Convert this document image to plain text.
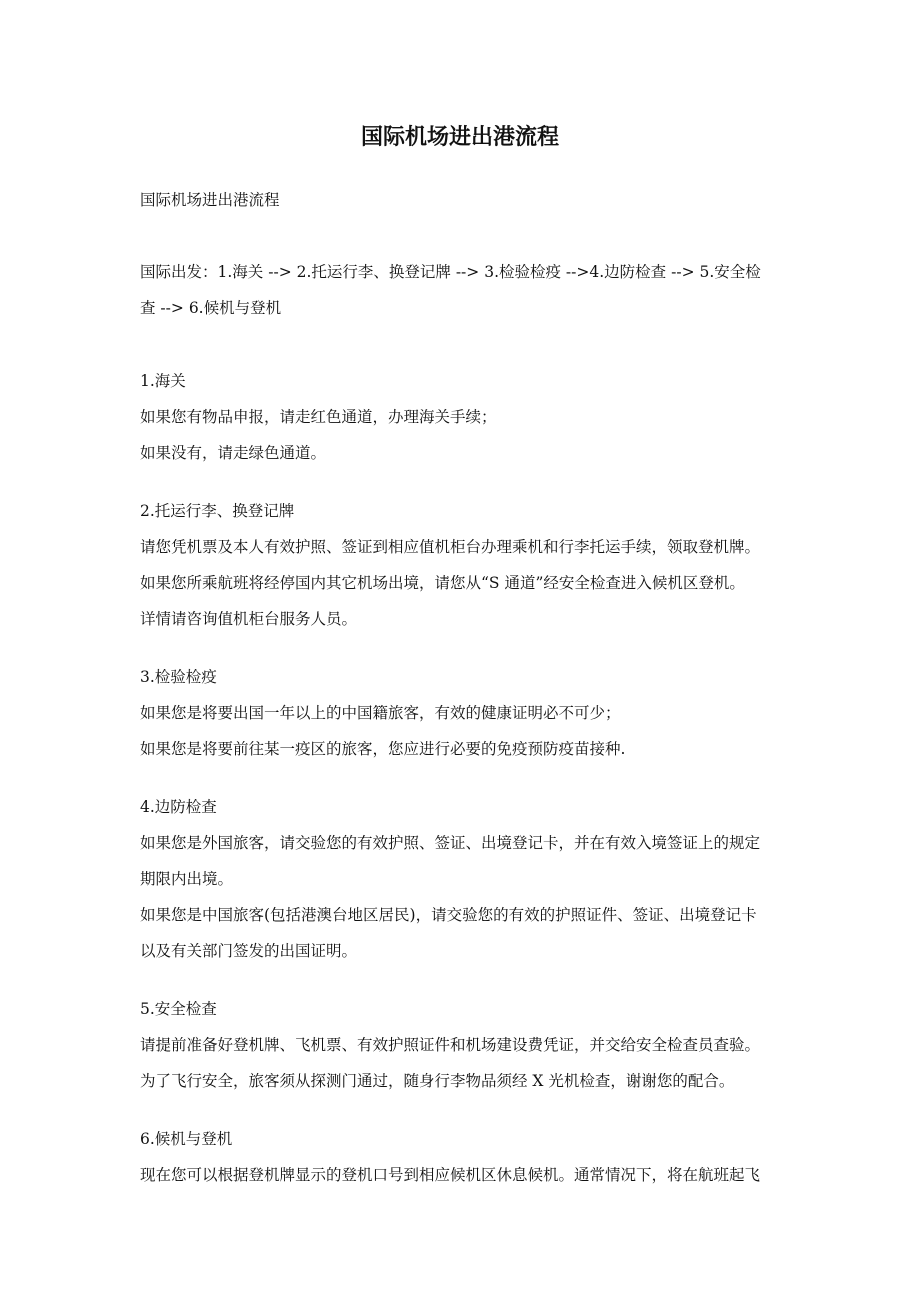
国际机场进出港流程
国际机场进出港流程
国际出发：1.海关 --> 2.托运行李、换登记牌 --> 3.检验检疫 -->4.边防检查 --> 5.安全检
查 --> 6.候机与登机
1.海关
如果您有物品申报，请走红色通道，办理海关手续；
如果没有，请走绿色通道。
2.托运行李、换登记牌
请您凭机票及本人有效护照、签证到相应值机柜台办理乘机和行李托运手续，领取登机牌。
如果您所乘航班将经停国内其它机场出境，请您从“S 通道”经安全检查进入候机区登机。
详情请咨询值机柜台服务人员。
3.检验检疫
如果您是将要出国一年以上的中国籍旅客，有效的健康证明必不可少；
如果您是将要前往某一疫区的旅客，您应进行必要的免疫预防疫苗接种.
4.边防检查
如果您是外国旅客，请交验您的有效护照、签证、出境登记卡，并在有效入境签证上的规定
期限内出境。
如果您是中国旅客(包括港澳台地区居民)，请交验您的有效的护照证件、签证、出境登记卡
以及有关部门签发的出国证明。
5.安全检查
请提前准备好登机牌、飞机票、有效护照证件和机场建设费凭证，并交给安全检查员查验。
为了飞行安全，旅客须从探测门通过，随身行李物品须经 X 光机检查，谢谢您的配合。
6.候机与登机
现在您可以根据登机牌显示的登机口号到相应候机区休息候机。通常情况下，将在航班起飞
